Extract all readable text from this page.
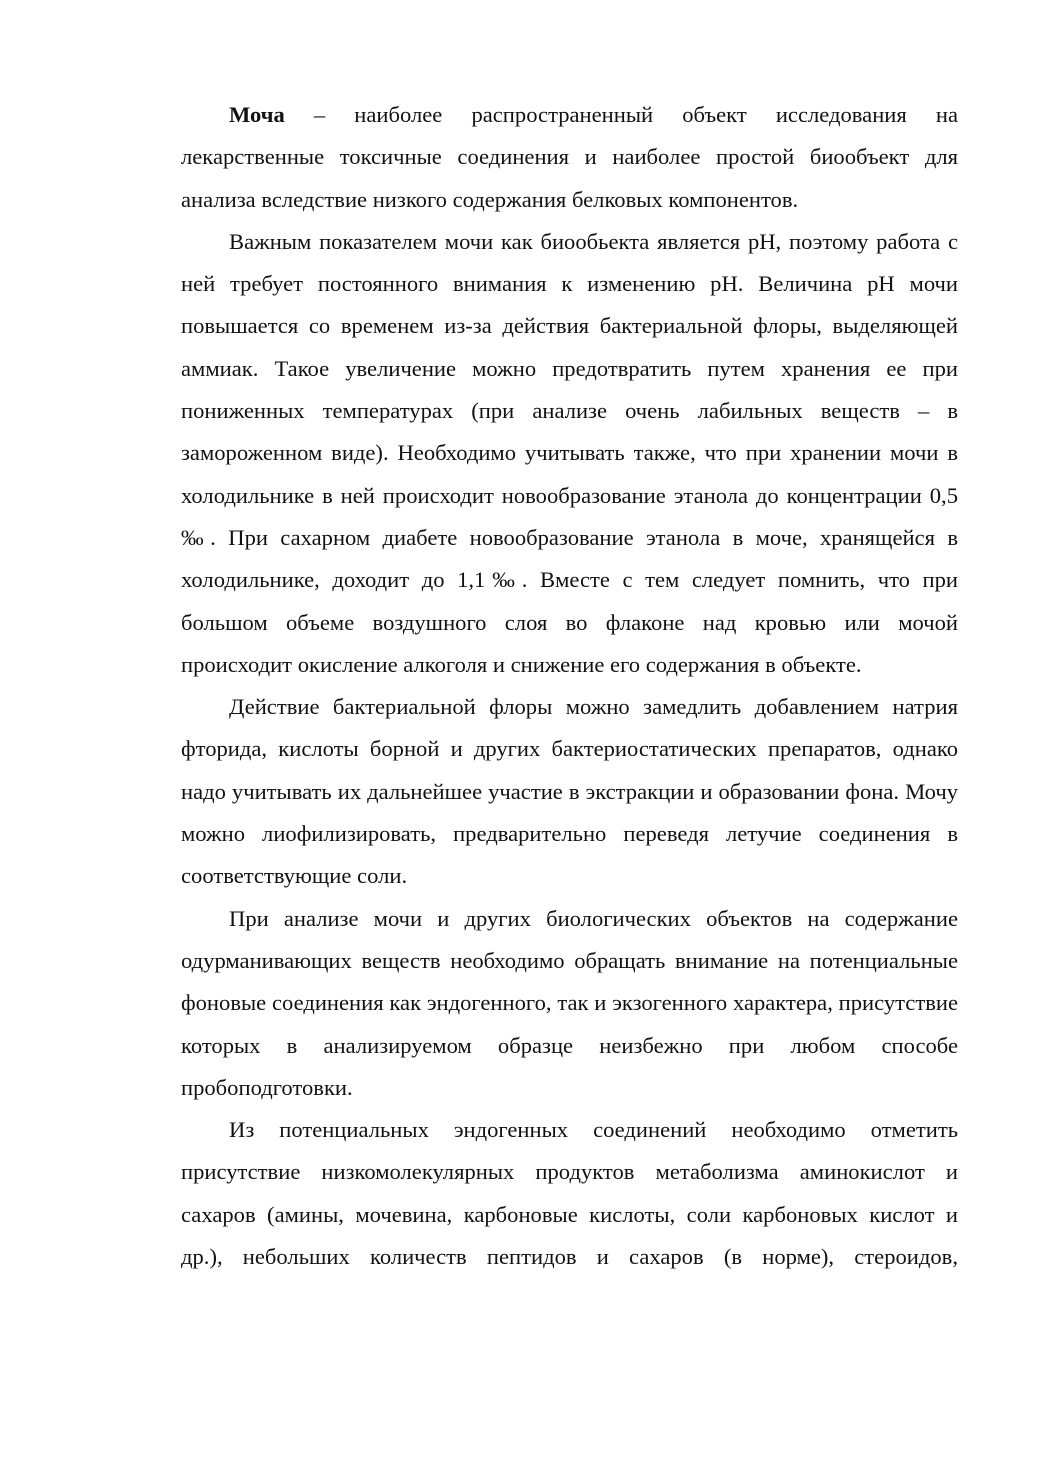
Моча – наиболее распространенный объект исследования на лекарственные токсичные соединения и наиболее простой биообъект для анализа вследствие низкого содержания белковых компонентов.

Важным показателем мочи как биообьекта является рН, поэтому работа с ней требует постоянного внимания к изменению рН. Величина рН мочи повышается со временем из-за действия бактериальной флоры, выделяющей аммиак. Такое увеличение можно предотвратить путем хранения ее при пониженных температурах (при анализе очень лабильных веществ – в замороженном виде). Необходимо учитывать также, что при хранении мочи в холодильнике в ней происходит новообразование этанола до концентрации 0,5 ‰. При сахарном диабете новообразование этанола в моче, хранящейся в холодильнике, доходит до 1,1‰. Вместе с тем следует помнить, что при большом объеме воздушного слоя во флаконе над кровью или мочой происходит окисление алкоголя и снижение его содержания в объекте.

Действие бактериальной флоры можно замедлить добавлением натрия фторида, кислоты борной и других бактериостатических препаратов, однако надо учитывать их дальнейшее участие в экстракции и образовании фона. Мочу можно лиофилизировать, предварительно переведя летучие соединения в соответствующие соли.

При анализе мочи и других биологических объектов на содержание одурманивающих веществ необходимо обращать внимание на потенциальные фоновые соединения как эндогенного, так и экзогенного характера, присутствие которых в анализируемом образце неизбежно при любом способе пробоподготовки.

Из потенциальных эндогенных соединений необходимо отметить присутствие низкомолекулярных продуктов метаболизма аминокислот и сахаров (амины, мочевина, карбоновые кислоты, соли карбоновых кислот и др.), небольших количеств пептидов и сахаров (в норме), стероидов,
